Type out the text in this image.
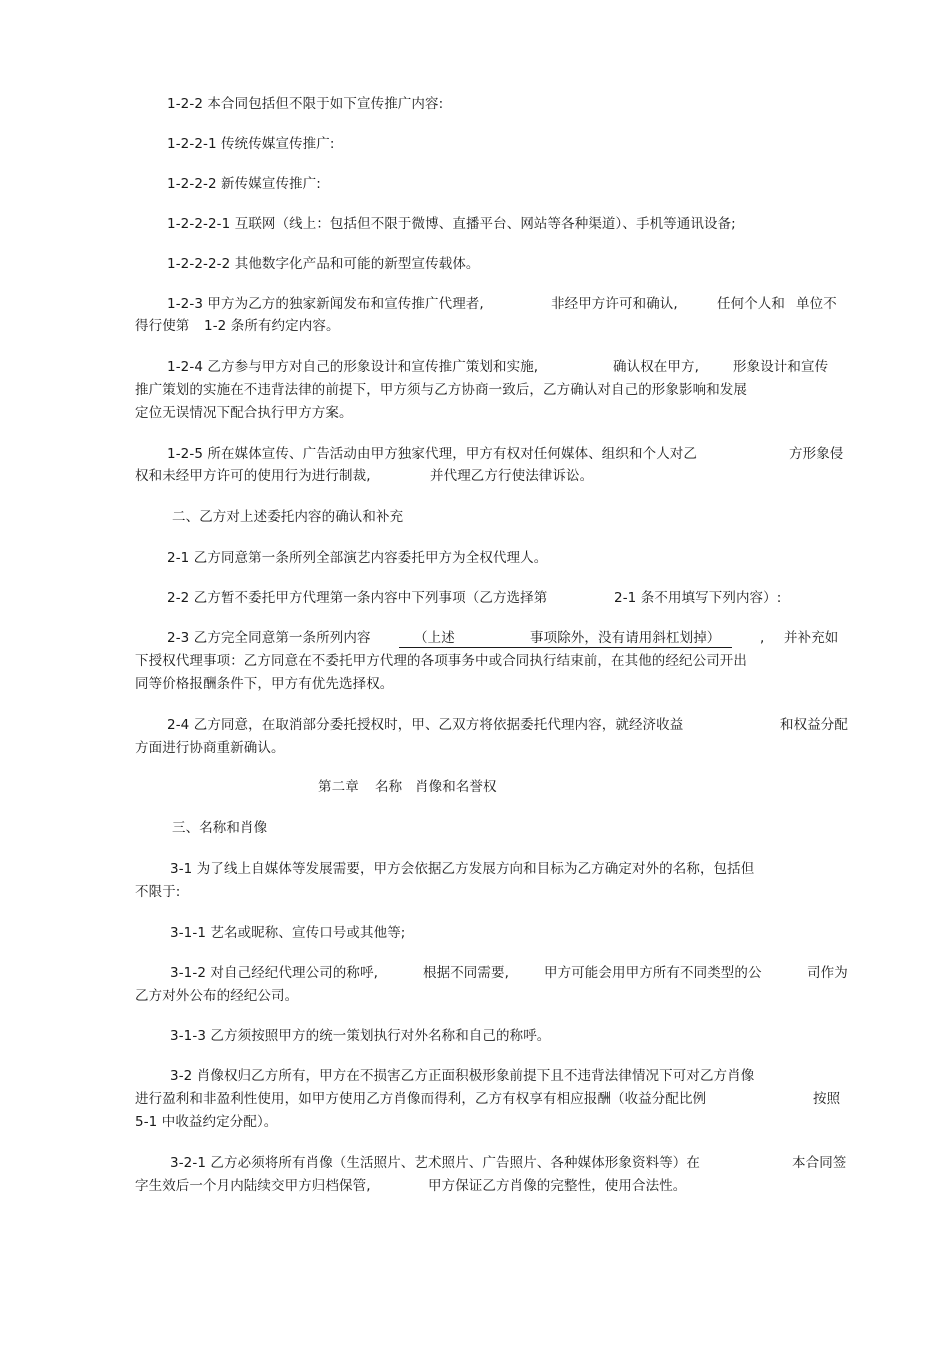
1-2-2 本合同包括但不限于如下宣传推广内容:
1-2-2-1 传统传媒宣传推广:
1-2-2-2 新传媒宣传推广:
1-2-2-2-1 互联网（线上：包括但不限于微博、直播平台、网站等各种渠道）、手机等通讯设备;
1-2-2-2-2 其他数字化产品和可能的新型宣传载体。
1-2-3 甲方为乙方的独家新闻发布和宣传推广代理者,	非经甲方许可和确认,	任何个人和 单位不
得行使第 1-2 条所有约定内容。
1-2-4 乙方参与甲方对自己的形象设计和宣传推广策划和实施,	确认权在甲方,	形象设计和宣传
推广策划的实施在不违背法律的前提下，甲方须与乙方协商一致后，乙方确认对自己的形象影响和发展
定位无误情况下配合执行甲方方案。
1-2-5 所在媒体宣传、广告活动由甲方独家代理，甲方有权对任何媒体、组织和个人对乙	方形象侵
权和未经甲方许可的使用行为进行制裁,	并代理乙方行使法律诉讼。
二、乙方对上述委托内容的确认和补充
2-1 乙方同意第一条所列全部演艺内容委托甲方为全权代理人。
2-2 乙方暂不委托甲方代理第一条内容中下列事项（乙方选择第	2-1 条不用填写下列内容）:
2-3 乙方完全同意第一条所列内容	（上述	事项除外，没有请用斜杠划掉）	, 并补充如
下授权代理事项：乙方同意在不委托甲方代理的各项事务中或合同执行结束前，在其他的经纪公司开出
同等价格报酬条件下，甲方有优先选择权。
2-4 乙方同意，在取消部分委托授权时，甲、乙双方将依据委托代理内容，就经济收益	和权益分配
方面进行协商重新确认。
第二章 名称 肖像和名誉权
三、名称和肖像
3-1 为了线上自媒体等发展需要，甲方会依据乙方发展方向和目标为乙方确定对外的名称，包括但
不限于:
3-1-1 艺名或昵称、宣传口号或其他等;
3-1-2 对自己经纪代理公司的称呼,	根据不同需要,	甲方可能会用甲方所有不同类型的公	司作为
乙方对外公布的经纪公司。
3-1-3 乙方须按照甲方的统一策划执行对外名称和自己的称呼。
3-2 肖像权归乙方所有，甲方在不损害乙方正面积极形象前提下且不违背法律情况下可对乙方肖像
进行盈利和非盈利性使用，如甲方使用乙方肖像而得利，乙方有权享有相应报酬（收益分配比例	按照
5-1 中收益约定分配）。
3-2-1 乙方必须将所有肖像（生活照片、艺术照片、广告照片、各种媒体形象资料等）在	本合同签
字生效后一个月内陆续交甲方归档保管,	甲方保证乙方肖像的完整性，使用合法性。
